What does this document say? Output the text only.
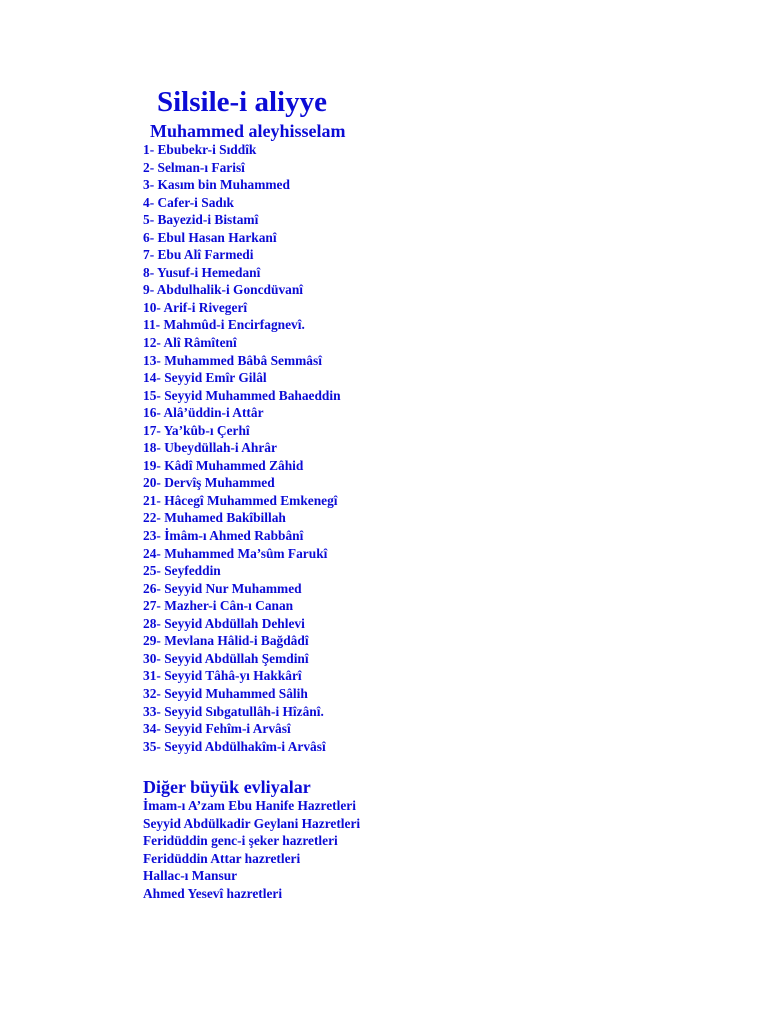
Silsile-i aliyye
Muhammed aleyhisselam
1- Ebubekr-i Sıddîk
2- Selman-ı Farisî
3- Kasım bin Muhammed
4- Cafer-i Sadık
5- Bayezid-i Bistamî
6- Ebul Hasan Harkanî
7- Ebu Alî Farmedi
8- Yusuf-i Hemedanî
9- Abdulhalik-i Goncdüvanî
10- Arif-i Rivegerî
11- Mahmûd-i Encirfagnevî.
12- Alî Râmîtenî
13- Muhammed Bâbâ Semmâsî
14- Seyyid Emîr Gilâl
15- Seyyid Muhammed Bahaeddin
16- Alâ’üddin-i Attâr
17- Ya’kûb-ı Çerhî
18- Ubeydüllah-i Ahrâr
19- Kâdî Muhammed Zâhid
20- Dervîş Muhammed
21- Hâcegî Muhammed Emkenegî
22- Muhamed Bakîbillah
23- İmâm-ı Ahmed Rabbânî
24- Muhammed Ma’sûm Farukî
25- Seyfeddin
26- Seyyid Nur Muhammed
27- Mazher-i Cân-ı Canan
28- Seyyid Abdüllah Dehlevi
29- Mevlana Hâlid-i Bağdâdî
30- Seyyid Abdüllah Şemdinî
31- Seyyid Tâhâ-yı Hakkârî
32- Seyyid Muhammed Sâlih
33- Seyyid Sıbgatullâh-i Hîzânî.
34- Seyyid Fehîm-i Arvâsî
35- Seyyid Abdülhakîm-i Arvâsî
Diğer büyük evliyalar
İmam-ı A’zam Ebu Hanife Hazretleri
Seyyid Abdülkadir Geylani Hazretleri
Feridüddin genc-i şeker hazretleri
Feridüddin Attar hazretleri
Hallac-ı Mansur
Ahmed Yesevî hazretleri
